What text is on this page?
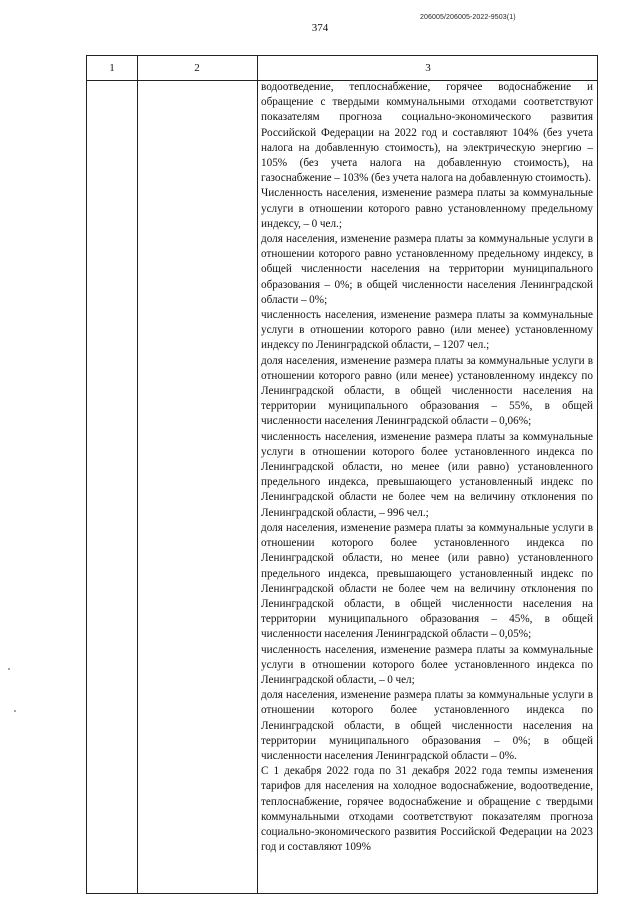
374
206005/206005-2022-9503(1)
1	2	3

водоотведение, теплоснабжение, горячее водоснабжение и обращение с твердыми коммунальными отходами соответствуют показателям прогноза социально-экономического развития Российской Федерации на 2022 год и составляют 104% (без учета налога на добавленную стоимость), на электрическую энергию – 105% (без учета налога на добавленную стоимость), на газоснабжение – 103% (без учета налога на добавленную стоимость).

Численность населения, изменение размера платы за коммунальные услуги в отношении которого равно установленному предельному индексу, – 0 чел.;

доля населения, изменение размера платы за коммунальные услуги в отношении которого равно установленному предельному индексу, в общей численности населения на территории муниципального образования – 0%; в общей численности населения Ленинградской области – 0%;

численность населения, изменение размера платы за коммунальные услуги в отношении которого равно (или менее) установленному индексу по Ленинградской области, – 1207 чел.;

доля населения, изменение размера платы за коммунальные услуги в отношении которого равно (или менее) установленному индексу по Ленинградской области, в общей численности населения на территории муниципального образования – 55%, в общей численности населения Ленинградской области – 0,06%;

численность населения, изменение размера платы за коммунальные услуги в отношении которого более установленного индекса по Ленинградской области, но менее (или равно) установленного предельного индекса, превышающего установленный индекс по Ленинградской области не более чем на величину отклонения по Ленинградской области, – 996 чел.;

доля населения, изменение размера платы за коммунальные услуги в отношении которого более установленного индекса по Ленинградской области, но менее (или равно) установленного предельного индекса, превышающего установленный индекс по Ленинградской области не более чем на величину отклонения по Ленинградской области, в общей численности населения на территории муниципального образования – 45%, в общей численности населения Ленинградской области – 0,05%;

численность населения, изменение размера платы за коммунальные услуги в отношении которого более установленного индекса по Ленинградской области, – 0 чел;

доля населения, изменение размера платы за коммунальные услуги в отношении которого более установленного индекса по Ленинградской области, в общей численности населения на территории муниципального образования – 0%; в общей численности населения Ленинградской области – 0%.

С 1 декабря 2022 года по 31 декабря 2022 года темпы изменения тарифов для населения на холодное водоснабжение, водоотведение, теплоснабжение, горячее водоснабжение и обращение с твердыми коммунальными отходами соответствуют показателям прогноза социально-экономического развития Российской Федерации на 2023 год и составляют 109%
